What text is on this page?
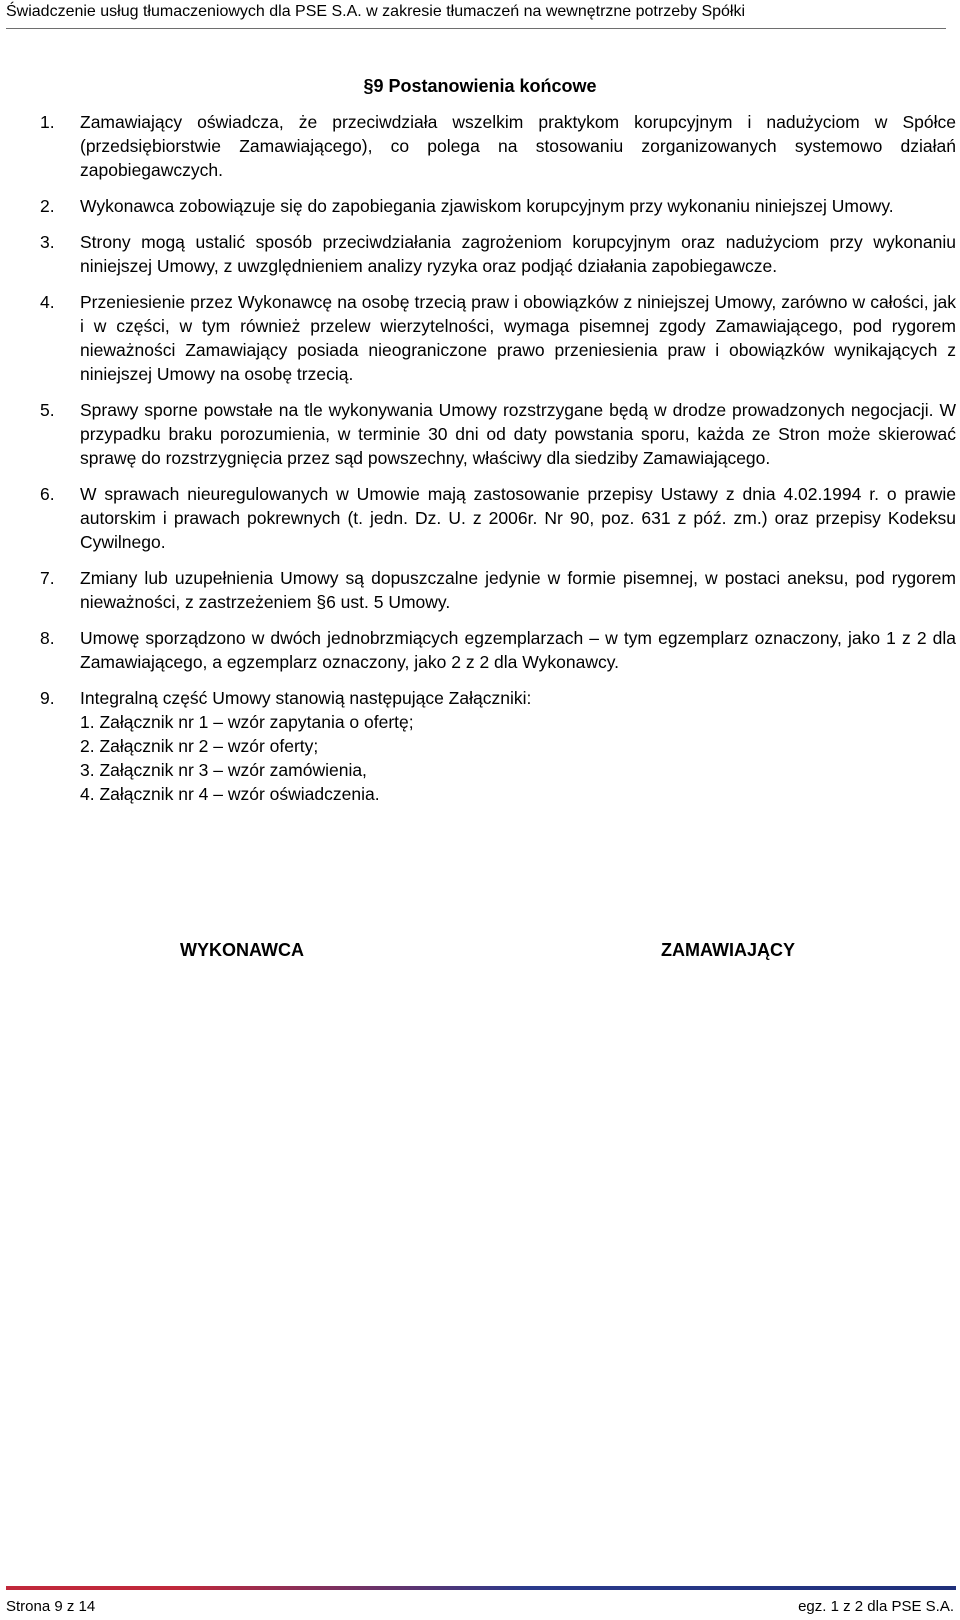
Świadczenie usług tłumaczeniowych dla PSE S.A. w zakresie tłumaczeń na wewnętrzne potrzeby Spółki
§9 Postanowienia końcowe
1. Zamawiający oświadcza, że przeciwdziała wszelkim praktykom korupcyjnym i nadużyciom w Spółce (przedsiębiorstwie Zamawiającego), co polega na stosowaniu zorganizowanych systemowo działań zapobiegawczych.
2. Wykonawca zobowiązuje się do zapobiegania zjawiskom korupcyjnym przy wykonaniu niniejszej Umowy.
3. Strony mogą ustalić sposób przeciwdziałania zagrożeniom korupcyjnym oraz nadużyciom przy wykonaniu niniejszej Umowy, z uwzględnieniem analizy ryzyka oraz podjąć działania zapobiegawcze.
4. Przeniesienie przez Wykonawcę na osobę trzecią praw i obowiązków z niniejszej Umowy, zarówno w całości, jak i w części, w tym również przelew wierzytelności, wymaga pisemnej zgody Zamawiającego, pod rygorem nieważności Zamawiający posiada nieograniczone prawo przeniesienia praw i obowiązków wynikających z niniejszej Umowy na osobę trzecią.
5. Sprawy sporne powstałe na tle wykonywania Umowy rozstrzygane będą w drodze prowadzonych negocjacji. W przypadku braku porozumienia, w terminie 30 dni od daty powstania sporu, każda ze Stron może skierować sprawę do rozstrzygnięcia przez sąd powszechny, właściwy dla siedziby Zamawiającego.
6. W sprawach nieuregulowanych w Umowie mają zastosowanie przepisy Ustawy z dnia 4.02.1994 r. o prawie autorskim i prawach pokrewnych (t. jedn. Dz. U. z 2006r. Nr 90, poz. 631 z póź. zm.) oraz przepisy Kodeksu Cywilnego.
7. Zmiany lub uzupełnienia Umowy są dopuszczalne jedynie w formie pisemnej, w postaci aneksu, pod rygorem nieważności, z zastrzeżeniem §6 ust. 5 Umowy.
8. Umowę sporządzono w dwóch jednobrzmiących egzemplarzach – w tym egzemplarz oznaczony, jako 1 z 2 dla Zamawiającego, a egzemplarz oznaczony, jako 2 z 2 dla Wykonawcy.
9. Integralną część Umowy stanowią następujące Załączniki:
1. Załącznik nr 1 – wzór zapytania o ofertę;
2. Załącznik nr 2 – wzór oferty;
3. Załącznik nr 3 – wzór zamówienia,
4. Załącznik nr 4 – wzór oświadczenia.
WYKONAWCA	ZAMAWIAJĄCY
Strona 9 z 14	egz. 1 z 2 dla PSE S.A.
